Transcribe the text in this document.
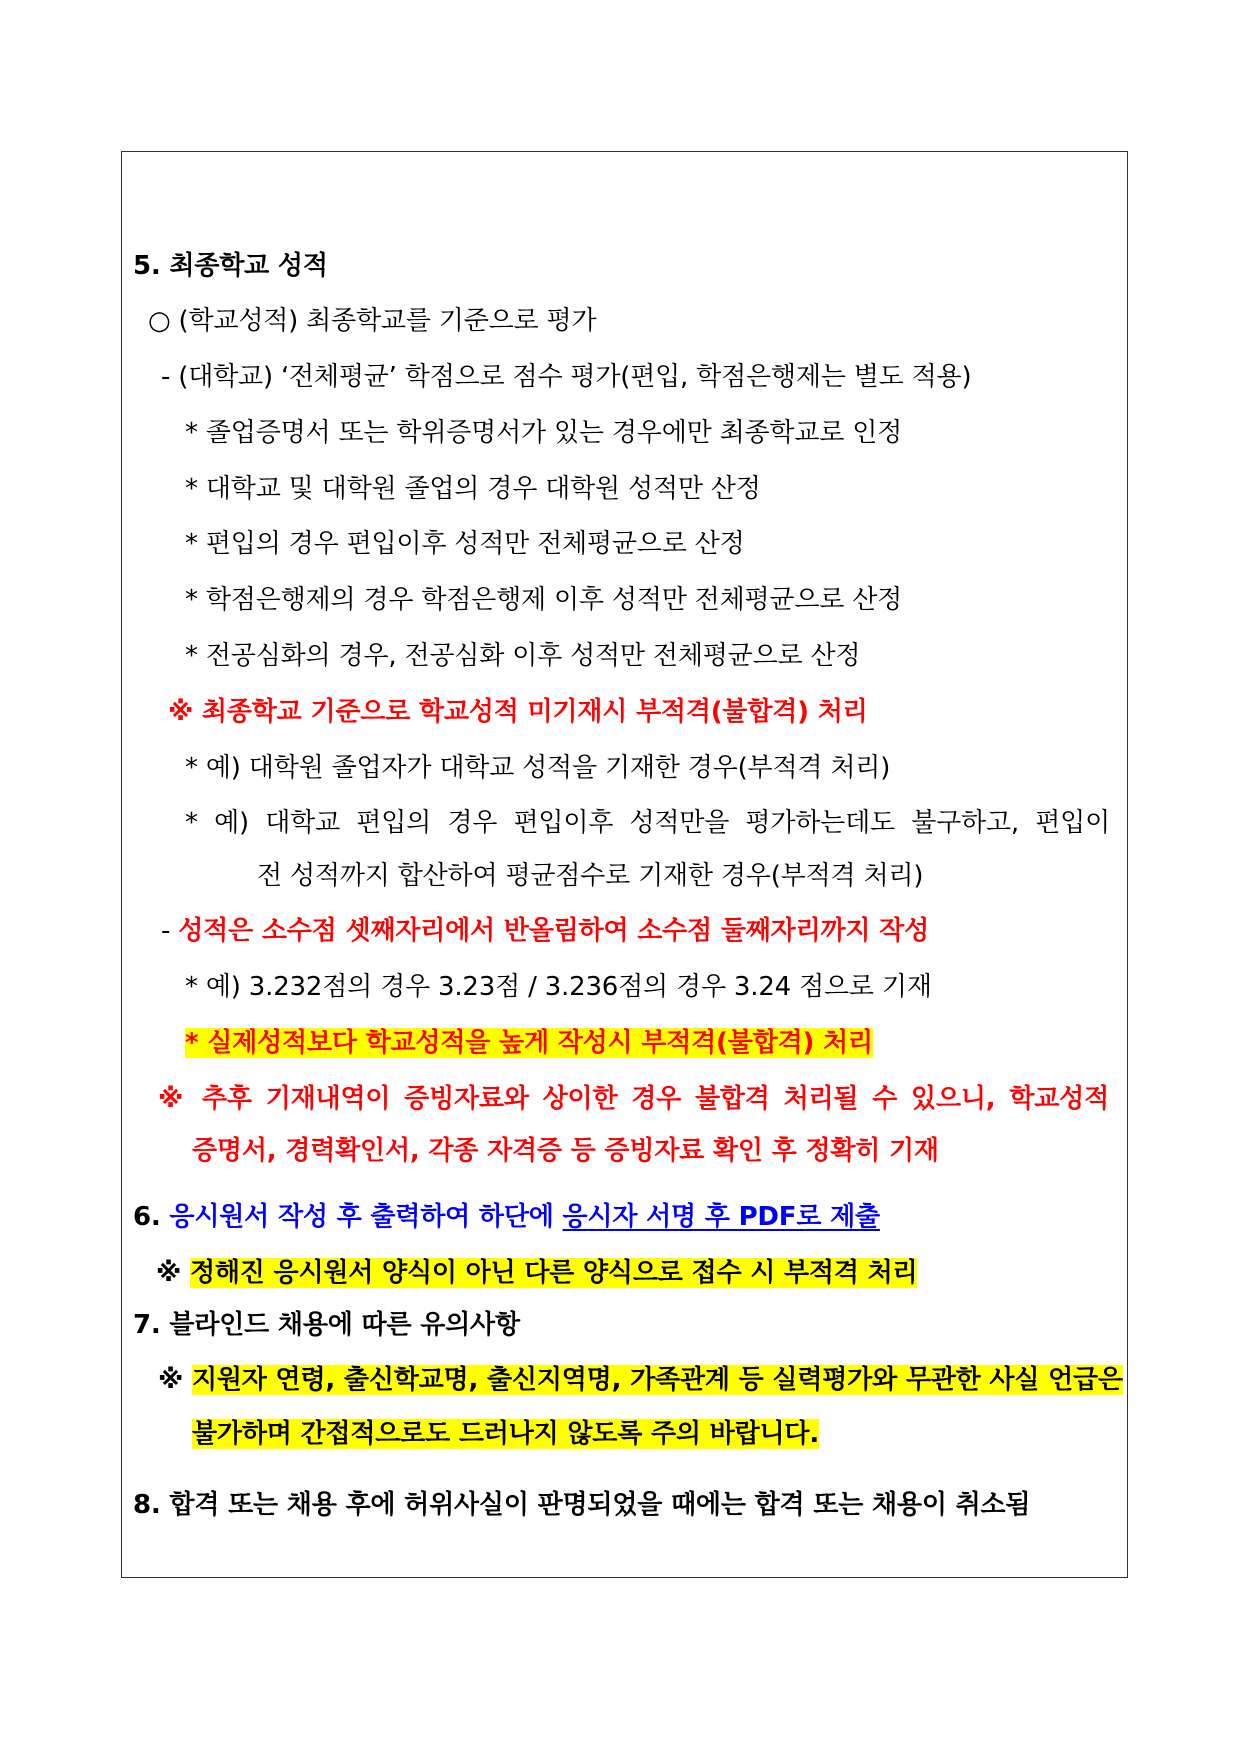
5. 최종학교 성적
○ (학교성적) 최종학교를 기준으로 평가
- (대학교) ‘전체평균’ 학점으로 점수 평가(편입, 학점은행제는 별도 적용)
* 졸업증명서 또는 학위증명서가 있는 경우에만 최종학교로 인정
* 대학교 및 대학원 졸업의 경우 대학원 성적만 산정
* 편입의 경우 편입이후 성적만 전체평균으로 산정
* 학점은행제의 경우 학점은행제 이후 성적만 전체평균으로 산정
* 전공심화의 경우, 전공심화 이후 성적만 전체평균으로 산정
※ 최종학교 기준으로 학교성적 미기재시 부적격(불합격) 처리
* 예) 대학원 졸업자가 대학교 성적을 기재한 경우(부적격 처리)
* 예) 대학교 편입의 경우 편입이후 성적만을 평가하는데도 불구하고, 편입이
전 성적까지 합산하여 평균점수로 기재한 경우(부적격 처리)
- 성적은 소수점 셋째자리에서 반올림하여 소수점 둘째자리까지 작성
* 예) 3.232점의 경우 3.23점 / 3.236점의 경우 3.24 점으로 기재
* 실제성적보다 학교성적을 높게 작성시 부적격(불합격) 처리
※ 추후 기재내역이 증빙자료와 상이한 경우 불합격 처리될 수 있으니, 학교성적
증명서, 경력확인서, 각종 자격증 등 증빙자료 확인 후 정확히 기재
6. 응시원서 작성 후 출력하여 하단에 응시자 서명 후 PDF로 제출
※ 정해진 응시원서 양식이 아닌 다른 양식으로 접수 시 부적격 처리
7. 블라인드 채용에 따른 유의사항
※ 지원자 연령, 출신학교명, 출신지역명, 가족관계 등 실력평가와 무관한 사실 언급은
불가하며 간접적으로도 드러나지 않도록 주의 바랍니다.
8. 합격 또는 채용 후에 허위사실이 판명되었을 때에는 합격 또는 채용이 취소됨
